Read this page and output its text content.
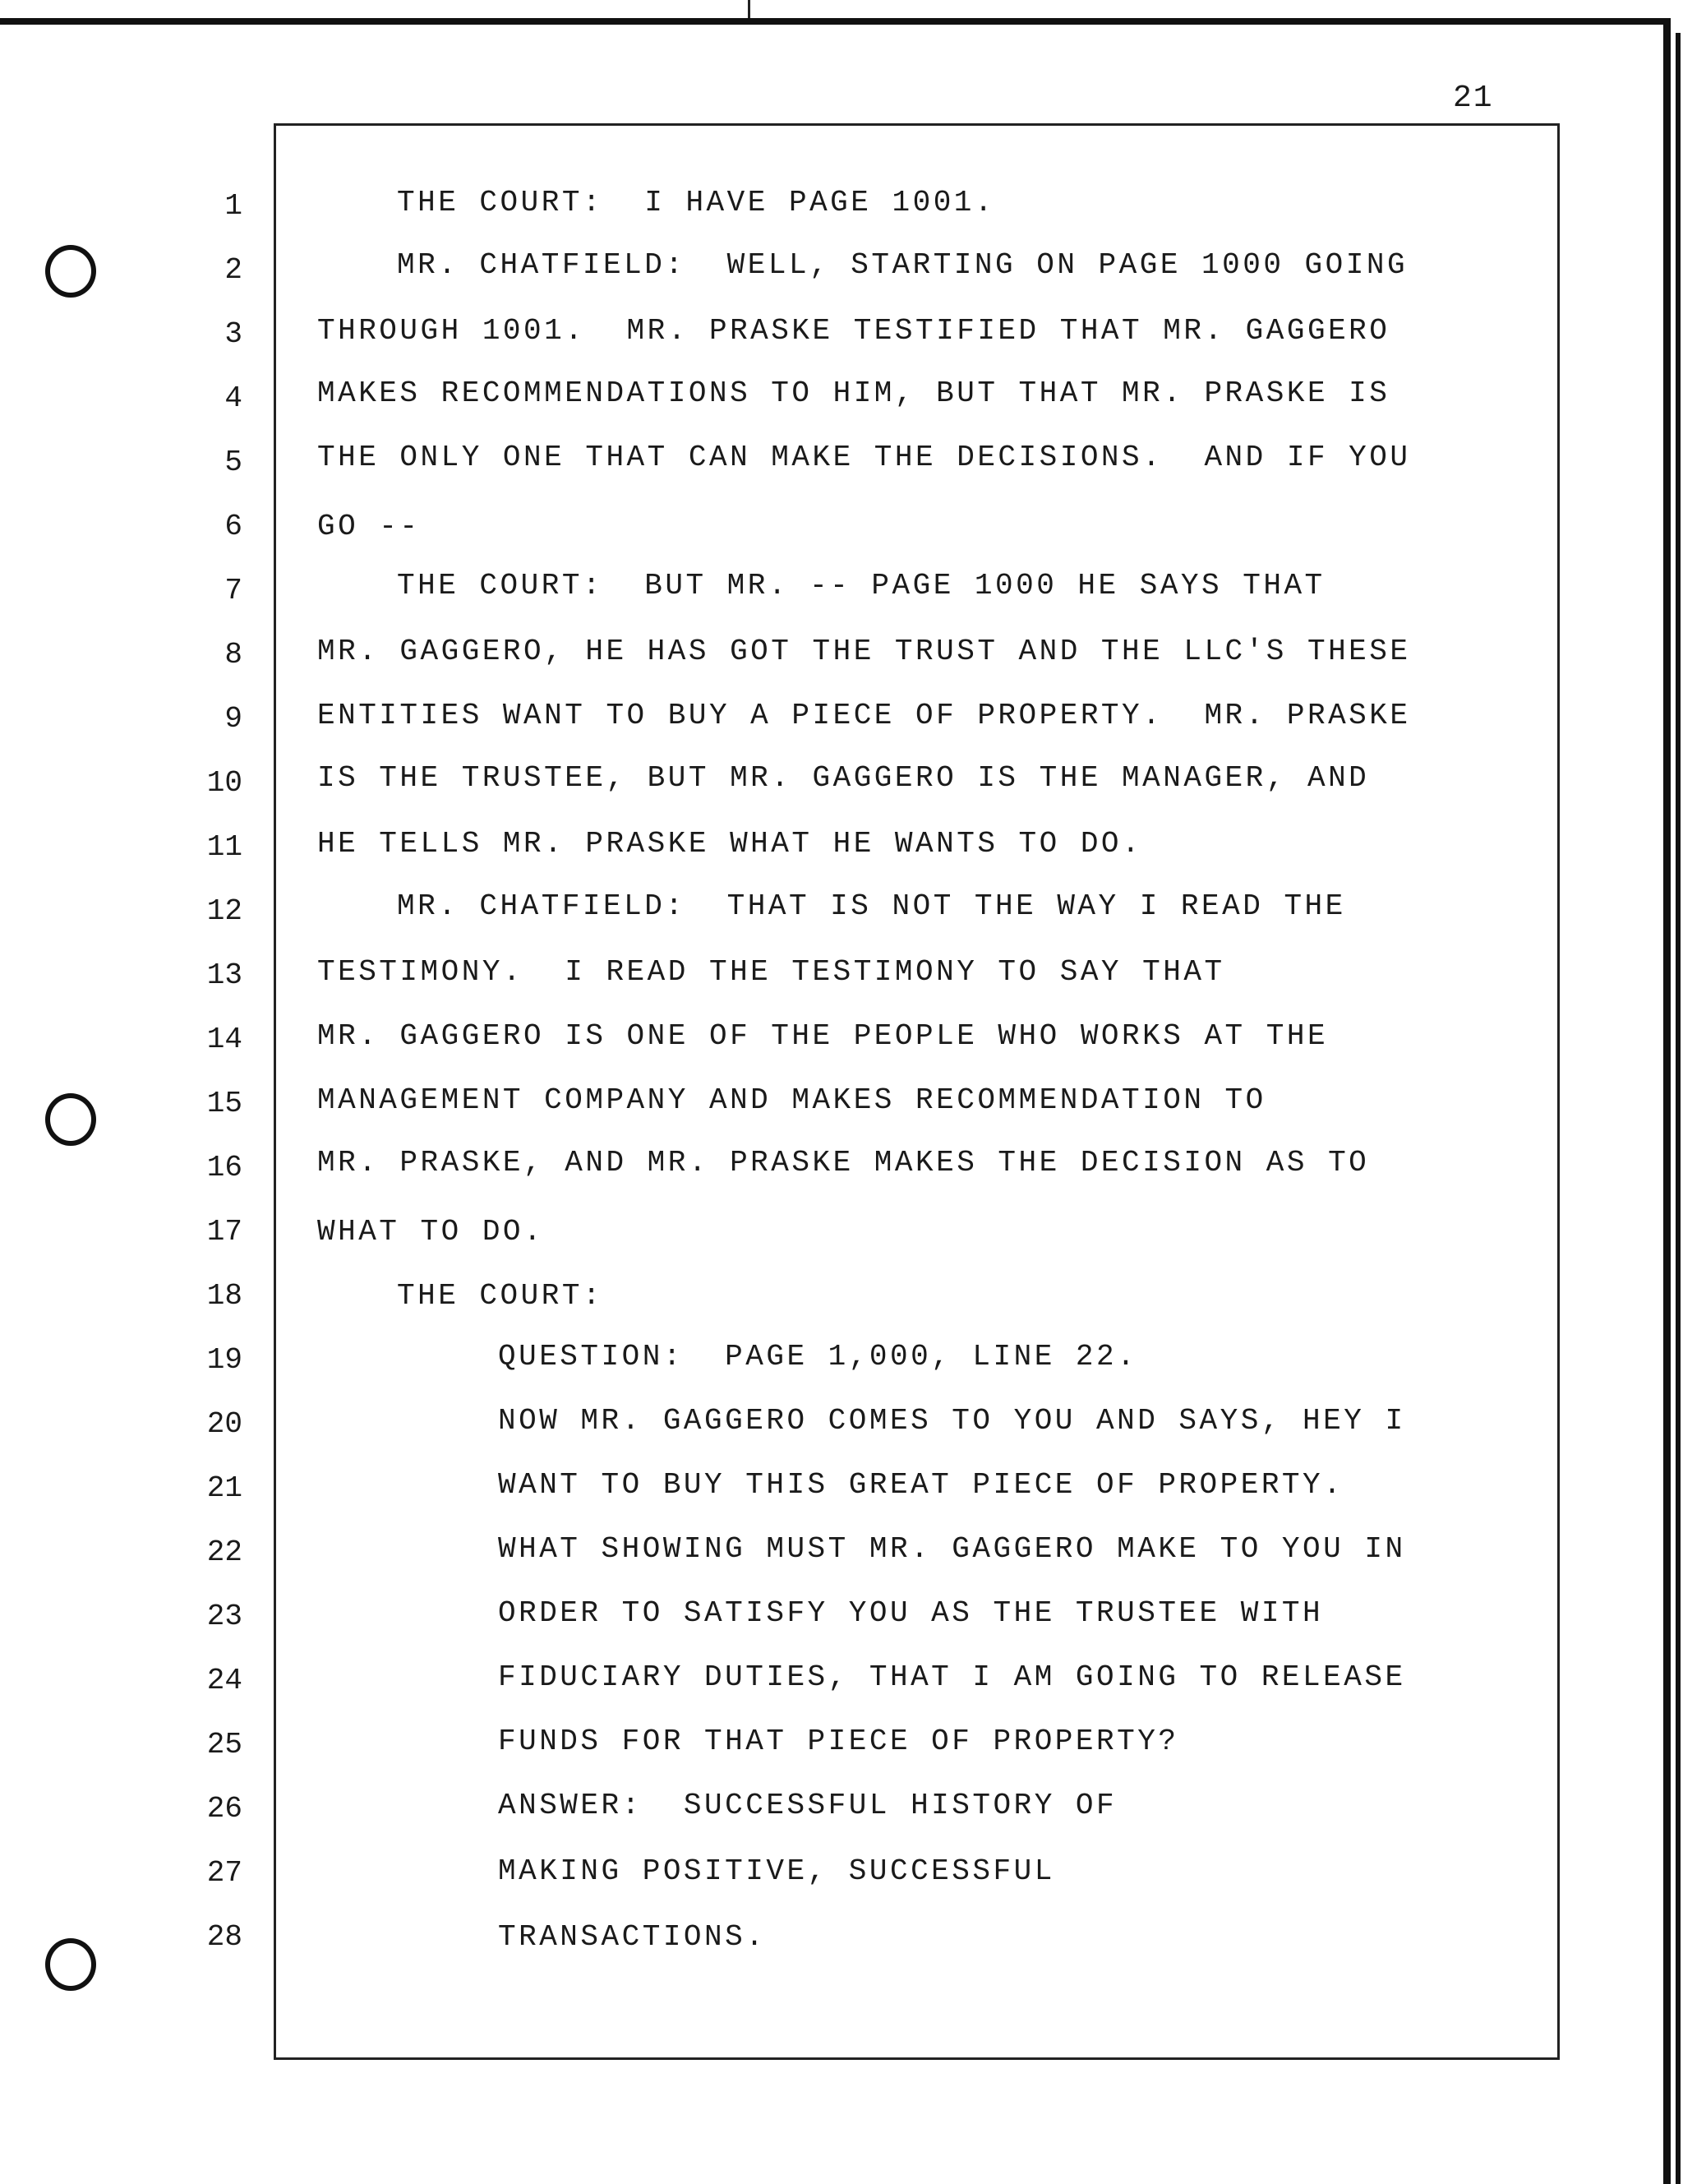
21
1
2
3
4
5
6
7
8
9
10
11
12
13
14
15
16
17
18
19
20
21
22
23
24
25
26
27
28
THE COURT:  I HAVE PAGE 1001.
MR. CHATFIELD:  WELL, STARTING ON PAGE 1000 GOING
THROUGH 1001.  MR. PRASKE TESTIFIED THAT MR. GAGGERO
MAKES RECOMMENDATIONS TO HIM, BUT THAT MR. PRASKE IS
THE ONLY ONE THAT CAN MAKE THE DECISIONS.  AND IF YOU
GO --
THE COURT:  BUT MR. -- PAGE 1000 HE SAYS THAT
MR. GAGGERO, HE HAS GOT THE TRUST AND THE LLC'S THESE
ENTITIES WANT TO BUY A PIECE OF PROPERTY.  MR. PRASKE
IS THE TRUSTEE, BUT MR. GAGGERO IS THE MANAGER, AND
HE TELLS MR. PRASKE WHAT HE WANTS TO DO.
MR. CHATFIELD:  THAT IS NOT THE WAY I READ THE
TESTIMONY.  I READ THE TESTIMONY TO SAY THAT
MR. GAGGERO IS ONE OF THE PEOPLE WHO WORKS AT THE
MANAGEMENT COMPANY AND MAKES RECOMMENDATION TO
MR. PRASKE, AND MR. PRASKE MAKES THE DECISION AS TO
WHAT TO DO.
THE COURT:
QUESTION:  PAGE 1,000, LINE 22.
NOW MR. GAGGERO COMES TO YOU AND SAYS, HEY I
WANT TO BUY THIS GREAT PIECE OF PROPERTY.
WHAT SHOWING MUST MR. GAGGERO MAKE TO YOU IN
ORDER TO SATISFY YOU AS THE TRUSTEE WITH
FIDUCIARY DUTIES, THAT I AM GOING TO RELEASE
FUNDS FOR THAT PIECE OF PROPERTY?
ANSWER:  SUCCESSFUL HISTORY OF
MAKING POSITIVE, SUCCESSFUL
TRANSACTIONS.
